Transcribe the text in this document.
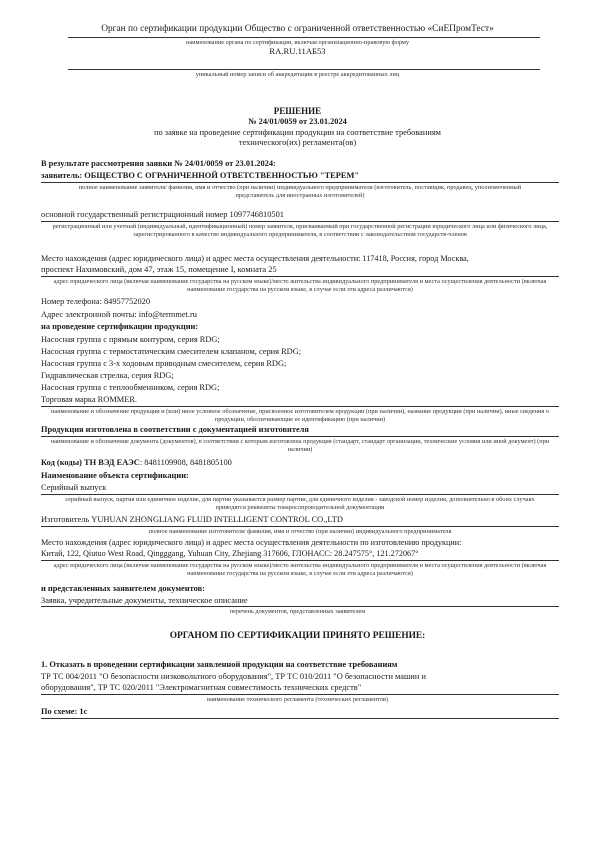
Орган по сертификации продукции Общество с ограниченной ответственностью «СиЕПромТест»
наименование органа по сертификации, включая организационно-правовую форму
RA.RU.11АБ53
уникальный номер записи об аккредитации в реестре аккредитованных лиц
РЕШЕНИЕ
№ 24/01/0059 от 23.01.2024
по заявке на проведение сертификации продукции на соответствие требованиям
технического(их) регламента(ов)
В результате рассмотрения заявки № 24/01/0059 от 23.01.2024:
заявитель: ОБЩЕСТВО С ОГРАНИЧЕННОЙ ОТВЕТСТВЕННОСТЬЮ "ТЕРЕМ"
полное наименование заявителя/ фамилия, имя и отчество (при наличии) индивидуального предпринимателя (изготовитель, поставщик, продавец, уполномоченный представитель для иностранных изготовителей)
основной государственный регистрационный номер 1097746810501
регистрационный или учетный (индивидуальный, идентификационный) номер заявителя, присваиваемый при государственной регистрации юридического лица или физического лица, зарегистрированного в качестве индивидуального предпринимателя, в соответствии с законодательством государств-членов
Место нахождения (адрес юридического лица) и адрес места осуществления деятельности: 117418, Россия, город Москва,
проспект Нахимовский, дом 47, этаж 15, помещение I, комната 25
адрес юридического лица (включая наименование государства на русском языке)/место жительства индивидуального предпринимателя и места осуществления деятельности (включая наименование государства на русском языке, в случае если эти адреса различаются)
Номер телефона: 84957752020
Адрес электронной почты: info@termmet.ru
на проведение сертификации продукции:
Насосная группа с прямым контуром, серия RDG;
Насосная группа с термостатическим смесителем клапаном, серия RDG;
Насосная группа с 3-х ходовым приводным смесителем, серия RDG;
Гидравлическая стрелка, серия RDG;
Насосная группа с теплообменником, серия RDG;
Торговая марка ROMMER.
наименование и обозначение продукции и (или) иное условное обозначение, присвоенное изготовителем продукции (при наличии), название продукции (при наличии), иные сведения о продукции, обеспечивающие ее идентификацию (при наличии)
Продукция изготовлена в соответствии с документацией изготовителя
наименование и обозначение документа (документов), в соответствии с которым изготовлена продукция (стандарт, стандарт организации, технические условия или иной документ) (при наличии)
Код (коды) ТН ВЭД ЕАЭС: 8481109908, 8481805100
Наименование объекта сертификации:
Серийный выпуск
серийный выпуск, партия или единичное изделие, для партии указывается размер партии, для единичного изделия - заводской номер изделия, дополнительно в обоих случаях приводятся реквизиты товаросопроводительной документации
Изготовитель YUHUAN ZHONGLIANG FLUID INTELLIGENT CONTROL CO.,LTD
полное наименование изготовителя/ фамилия, имя и отчество (при наличии) индивидуального предпринимателя
Место нахождения (адрес юридического лица) и адрес места осуществления деятельности по изготовлению продукции:
Китай, 122, Qiutuo West Road, Qingggang, Yuhuan City, Zhejiang 317606, ГЛОНАСС: 28.247575°, 121.272067°
адрес юридического лица (включая наименование государства на русском языке)/место жительства индивидуального предпринимателя и места осуществления деятельности (включая наименование государства на русском языке, в случае если эти адреса различаются)
и представленных заявителем документов:
Заявка, учредительные документы, техническое описание
перечень документов, представленных заявителем
ОРГАНОМ ПО СЕРТИФИКАЦИИ ПРИНЯТО РЕШЕНИЕ:
1. Отказать в проведении сертификации заявленной продукции на соответствие требованиям
ТР ТС 004/2011 "О безопасности низковольтного оборудования", ТР ТС 010/2011 "О безопасности машин и
оборудования", ТР ТС 020/2011 "Электромагнитная совместимость технических средств"
наименование технического регламента (технических регламентов)
По схеме: 1с
